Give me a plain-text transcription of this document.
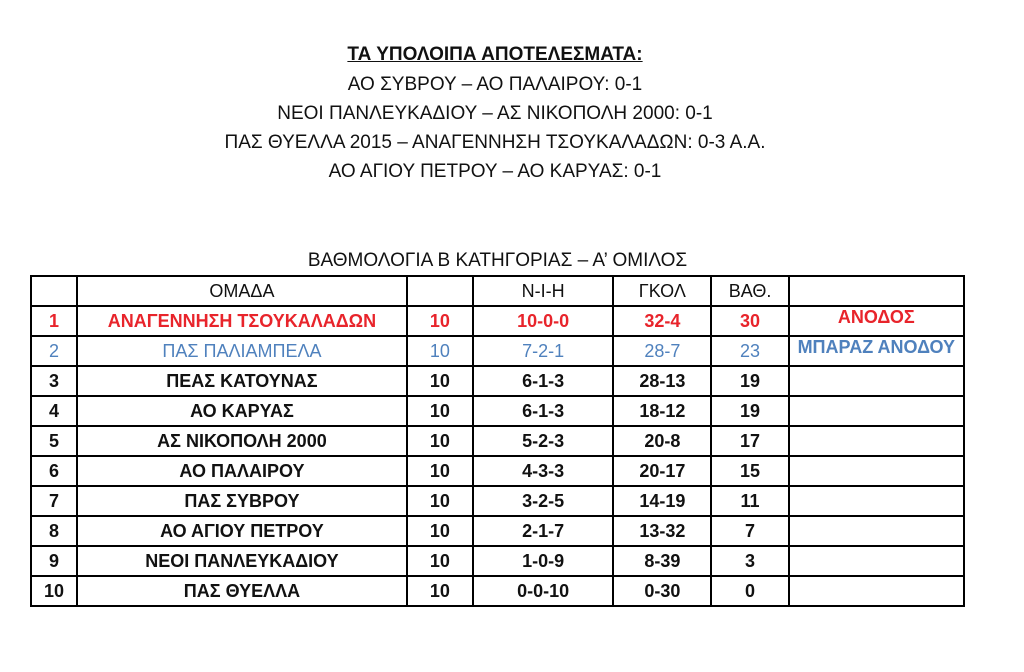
ΤΑ ΥΠΟΛΟΙΠΑ ΑΠΟΤΕΛΕΣΜΑΤΑ:
ΑΟ ΣΥΒΡΟΥ – ΑΟ ΠΑΛΑΙΡΟΥ: 0-1
ΝΕΟΙ ΠΑΝΛΕΥΚΑΔΙΟΥ – ΑΣ ΝΙΚΟΠΟΛΗ 2000: 0-1
ΠΑΣ ΘΥΕΛΛΑ 2015 – ΑΝΑΓΕΝΝΗΣΗ ΤΣΟΥΚΑΛΑΔΩΝ: 0-3 Α.Α.
ΑΟ ΑΓΙΟΥ ΠΕΤΡΟΥ – ΑΟ ΚΑΡΥΑΣ: 0-1
ΒΑΘΜΟΛΟΓΙΑ Β ΚΑΤΗΓΟΡΙΑΣ – Α’ ΟΜΙΛΟΣ
	ΟΜΑΔΑ		Ν-Ι-Η	ΓΚΟΛ	ΒΑΘ.	
1	ΑΝΑΓΕΝΝΗΣΗ ΤΣΟΥΚΑΛΑΔΩΝ	10	10-0-0	32-4	30	ΑΝΟΔΟΣ
2	ΠΑΣ ΠΑΛΙΑΜΠΕΛΑ	10	7-2-1	28-7	23	ΜΠΑΡΑΖ ΑΝΟΔΟΥ
3	ΠΕΑΣ ΚΑΤΟΥΝΑΣ	10	6-1-3	28-13	19	
4	ΑΟ ΚΑΡΥΑΣ	10	6-1-3	18-12	19	
5	ΑΣ ΝΙΚΟΠΟΛΗ 2000	10	5-2-3	20-8	17	
6	ΑΟ ΠΑΛΑΙΡΟΥ	10	4-3-3	20-17	15	
7	ΠΑΣ ΣΥΒΡΟΥ	10	3-2-5	14-19	11	
8	ΑΟ ΑΓΙΟΥ ΠΕΤΡΟΥ	10	2-1-7	13-32	7	
9	ΝΕΟΙ ΠΑΝΛΕΥΚΑΔΙΟΥ	10	1-0-9	8-39	3	
10	ΠΑΣ ΘΥΕΛΛΑ	10	0-0-10	0-30	0	
